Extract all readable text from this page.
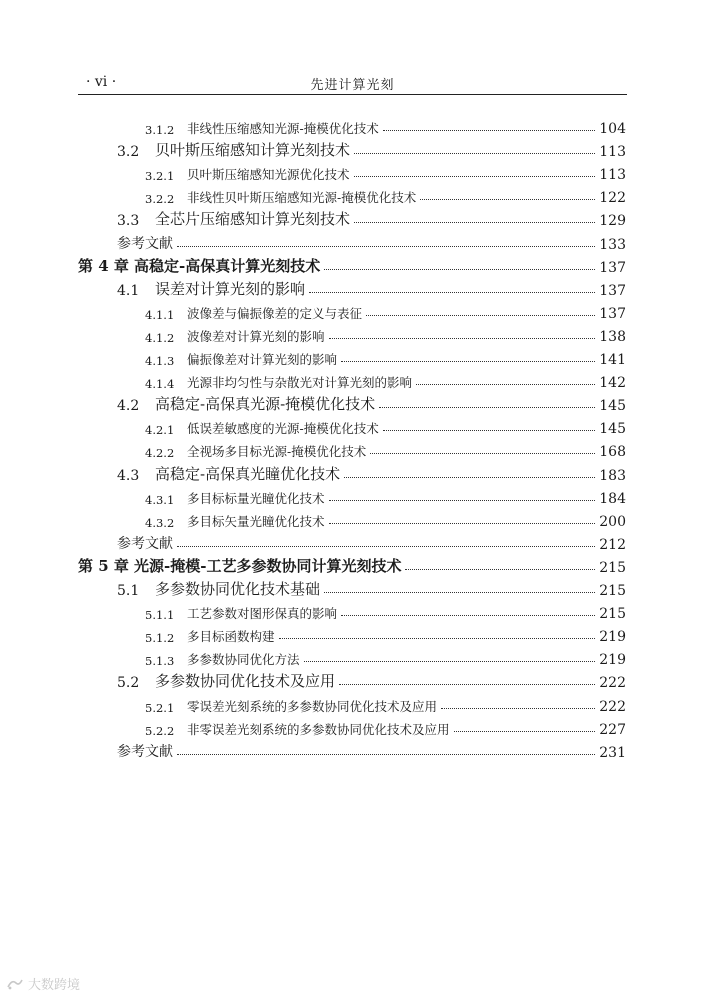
· vi ·	先进计算光刻
3.1.2	非线性压缩感知光源-掩模优化技术	104
3.2	贝叶斯压缩感知计算光刻技术	113
3.2.1	贝叶斯压缩感知光源优化技术	113
3.2.2	非线性贝叶斯压缩感知光源-掩模优化技术	122
3.3	全芯片压缩感知计算光刻技术	129
参考文献	133
第 4 章 高稳定-高保真计算光刻技术	137
4.1	误差对计算光刻的影响	137
4.1.1	波像差与偏振像差的定义与表征	137
4.1.2	波像差对计算光刻的影响	138
4.1.3	偏振像差对计算光刻的影响	141
4.1.4	光源非均匀性与杂散光对计算光刻的影响	142
4.2	高稳定-高保真光源-掩模优化技术	145
4.2.1	低误差敏感度的光源-掩模优化技术	145
4.2.2	全视场多目标光源-掩模优化技术	168
4.3	高稳定-高保真光瞳优化技术	183
4.3.1	多目标标量光瞳优化技术	184
4.3.2	多目标矢量光瞳优化技术	200
参考文献	212
第 5 章 光源-掩模-工艺多参数协同计算光刻技术	215
5.1	多参数协同优化技术基础	215
5.1.1	工艺参数对图形保真的影响	215
5.1.2	多目标函数构建	219
5.1.3	多参数协同优化方法	219
5.2	多参数协同优化技术及应用	222
5.2.1	零误差光刻系统的多参数协同优化技术及应用	222
5.2.2	非零误差光刻系统的多参数协同优化技术及应用	227
参考文献	231
大数跨境
